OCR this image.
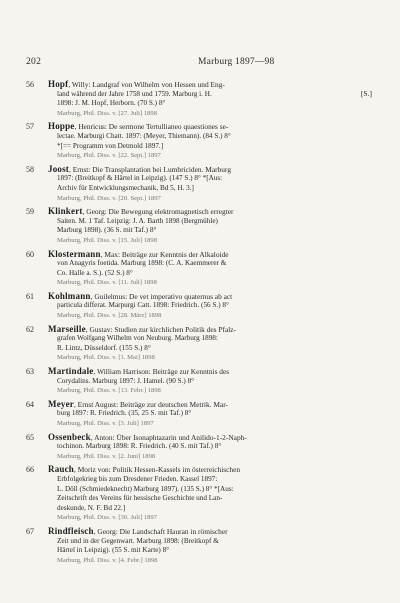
202	Marburg 1897—98
56 Hopf, Willy: Landgraf von Wilhelm von Hessen und Eng-
land während der Jahre 1758 und 1759. Marburg i. H.
1898: J. M. Hopf, Herborn. (70 S.) 8°
Marburg, Phil. Diss. v. [27. Juli] 1898
[S.]
57 Hoppe, Henricus: De sermone Tertullianeo quaestiones se-
lectae. Marburgi Chatt. 1897: (Meyer, Thiemann). (84 S.) 8°
*[== Programm von Detmold 1897.]
Marburg, Phil. Diss. v. [22. Sept.] 1897
58 Joost, Ernst: Die Transplantation bei Lumbriciden. Marburg
1897: (Breitkopf & Härtel in Leipzig). (147 S.) 8° *[Aus:
Archiv für Entwicklungsmechanik, Bd 5, H. 3.]
Marburg, Phil. Diss. v. [20. Sept.] 1897
59 Klinkert, Georg: Die Bewegung elektromagnetisch erregter
Saiten. M. 1 Taf. Leipzig: J. A. Barth 1898 (Bergmühle)
Marburg 1898). (36 S. mit Taf.) 8°
Marburg, Phil. Diss. v. [15. Juli] 1898
60 Klostermann, Max: Beiträge zur Kenntnis der Alkaloide
von Anagyris foetida. Marburg 1898: (C. A. Kaemmerer &
Co. Halle a. S.). (52 S.) 8°
Marburg, Phil. Diss. v. [11. Juli] 1898
61 Kohlmann, Guilelmus: De vet imperativo quaternus ab act
particula differat. Marpurgi Catt. 1898: Friedrich. (56 S.) 8°
Marburg, Phil. Diss. v. [28. März] 1898
62 Marseille, Gustav: Studien zur kirchlichen Politik des Pfalz-
grafen Wolfgang Wilhelm von Neuburg. Marburg 1898:
R. Lintz, Düsseldorf. (155 S.) 8°
Marburg, Phil. Diss. v. [1. Mai] 1898
63 Martindale, William Harrison: Beiträge zur Kenntnis des
Corydalins. Marburg 1897: J. Hamel. (90 S.) 8°
Marburg, Phil. Diss. v. [13. Febr.] 1898
64 Meyer, Ernst August: Beiträge zur deutschen Metrik. Mar-
burg 1897: R. Friedrich. (35, 25 S. mit Taf.) 8°
Marburg, Phil. Diss. v. [3. Juli] 1897
65 Ossenbeck, Anton: Über Isonaphtazarin und Anilido-1-2-Naph-
tochinon. Marburg 1898: R. Friedrich. (40 S. mit Taf.) 8°
Marburg, Phil. Diss. v. [2. Juni] 1898
66 Rauch, Moriz von: Politik Hessen-Kassels im österreichischen
Erbfolgekrieg bis zum Dresdener Frieden. Kassel 1897:
L. Döll (Schmiedeknecht) Marburg 1897). (135 S.) 8° *[Aus:
Zeitschrift des Vereins für hessische Geschichte und Lan-
deskunde, N. F. Bd 22.]
Marburg, Phil. Diss. v. [30. Juli] 1897
67 Rindfleisch, Georg: Die Landschaft Hauran in römischer
Zeit und in der Gegenwart. Marburg 1898: (Breitkopf &
Härtel in Leipzig). (55 S. mit Karte) 8°
Marburg, Phil. Diss. v. [4. Febr.] 1898
